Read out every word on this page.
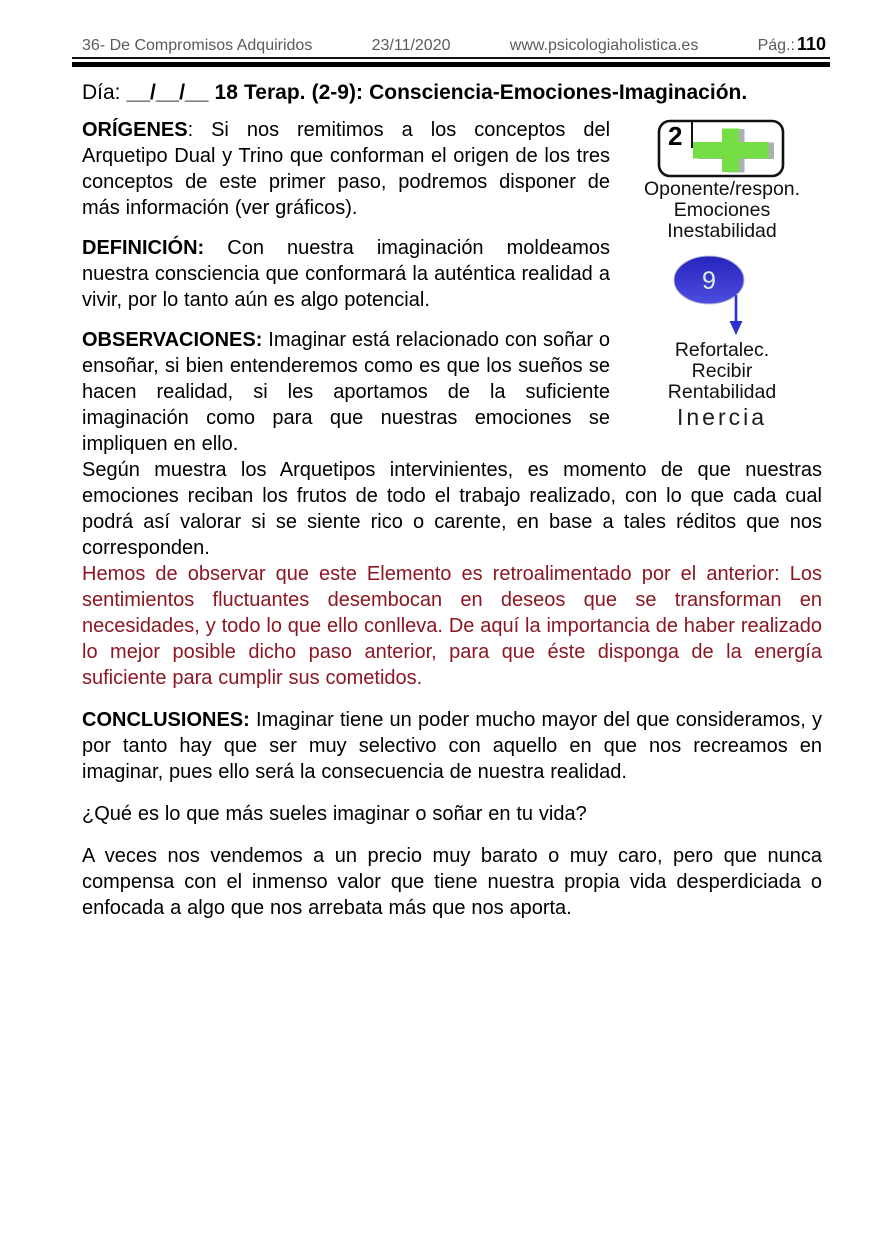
36- De Compromisos Adquiridos	23/11/2020	www.psicologiaholistica.es	Pág.: 110
Día: __/__/__ 18 Terap. (2-9): Consciencia-Emociones-Imaginación.
2
Oponente/respon.
Emociones
Inestabilidad
9
Refortalec.
Recibir
Rentabilidad
Inercia

ORÍGENES: Si nos remitimos a los conceptos del Arquetipo Dual y Trino que conforman el origen de los tres conceptos de este primer paso, podremos disponer de más información (ver gráficos).

DEFINICIÓN: Con nuestra imaginación moldeamos nuestra consciencia que conformará la auténtica realidad a vivir, por lo tanto aún es algo potencial.

OBSERVACIONES: Imaginar está relacionado con soñar o ensoñar, si bien entenderemos como es que los sueños se hacen realidad, si les aportamos de la suficiente imaginación como para que nuestras emociones se impliquen en ello.

Según muestra los Arquetipos intervinientes, es momento de que nuestras emociones reciban los frutos de todo el trabajo realizado, con lo que cada cual podrá así valorar si se siente rico o carente, en base a tales réditos que nos corresponden.

Hemos de observar que este Elemento es retroalimentado por el anterior: Los sentimientos fluctuantes desembocan en deseos que se transforman en necesidades, y todo lo que ello conlleva. De aquí la importancia de haber realizado lo mejor posible dicho paso anterior, para que éste disponga de la energía suficiente para cumplir sus cometidos.

CONCLUSIONES: Imaginar tiene un poder mucho mayor del que consideramos, y por tanto hay que ser muy selectivo con aquello en que nos recreamos en imaginar, pues ello será la consecuencia de nuestra realidad.

¿Qué es lo que más sueles imaginar o soñar en tu vida?

A veces nos vendemos a un precio muy barato o muy caro, pero que nunca compensa con el inmenso valor que tiene nuestra propia vida desperdiciada o enfocada a algo que nos arrebata más que nos aporta.
